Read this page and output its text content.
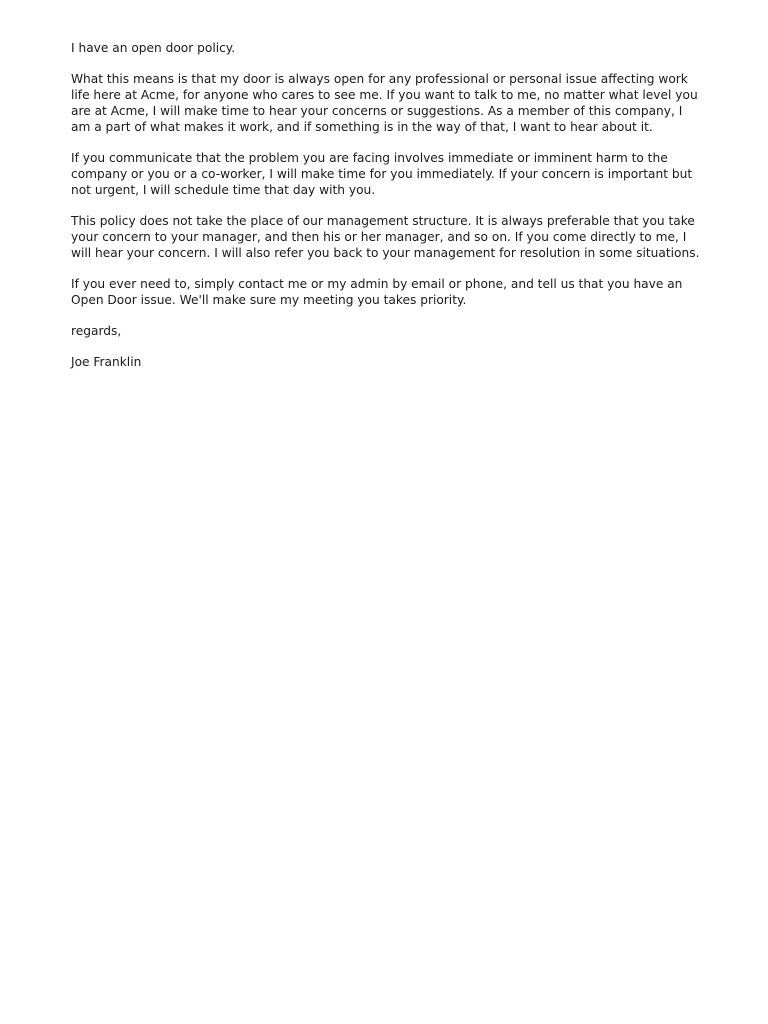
I have an open door policy.

What this means is that my door is always open for any professional or personal issue affecting work
life here at Acme, for anyone who cares to see me. If you want to talk to me, no matter what level you
are at Acme, I will make time to hear your concerns or suggestions. As a member of this company, I
am a part of what makes it work, and if something is in the way of that, I want to hear about it.

If you communicate that the problem you are facing involves immediate or imminent harm to the
company or you or a co-worker, I will make time for you immediately. If your concern is important but
not urgent, I will schedule time that day with you.

This policy does not take the place of our management structure. It is always preferable that you take
your concern to your manager, and then his or her manager, and so on. If you come directly to me, I
will hear your concern. I will also refer you back to your management for resolution in some situations.

If you ever need to, simply contact me or my admin by email or phone, and tell us that you have an
Open Door issue. We'll make sure my meeting you takes priority.

regards,

Joe Franklin
